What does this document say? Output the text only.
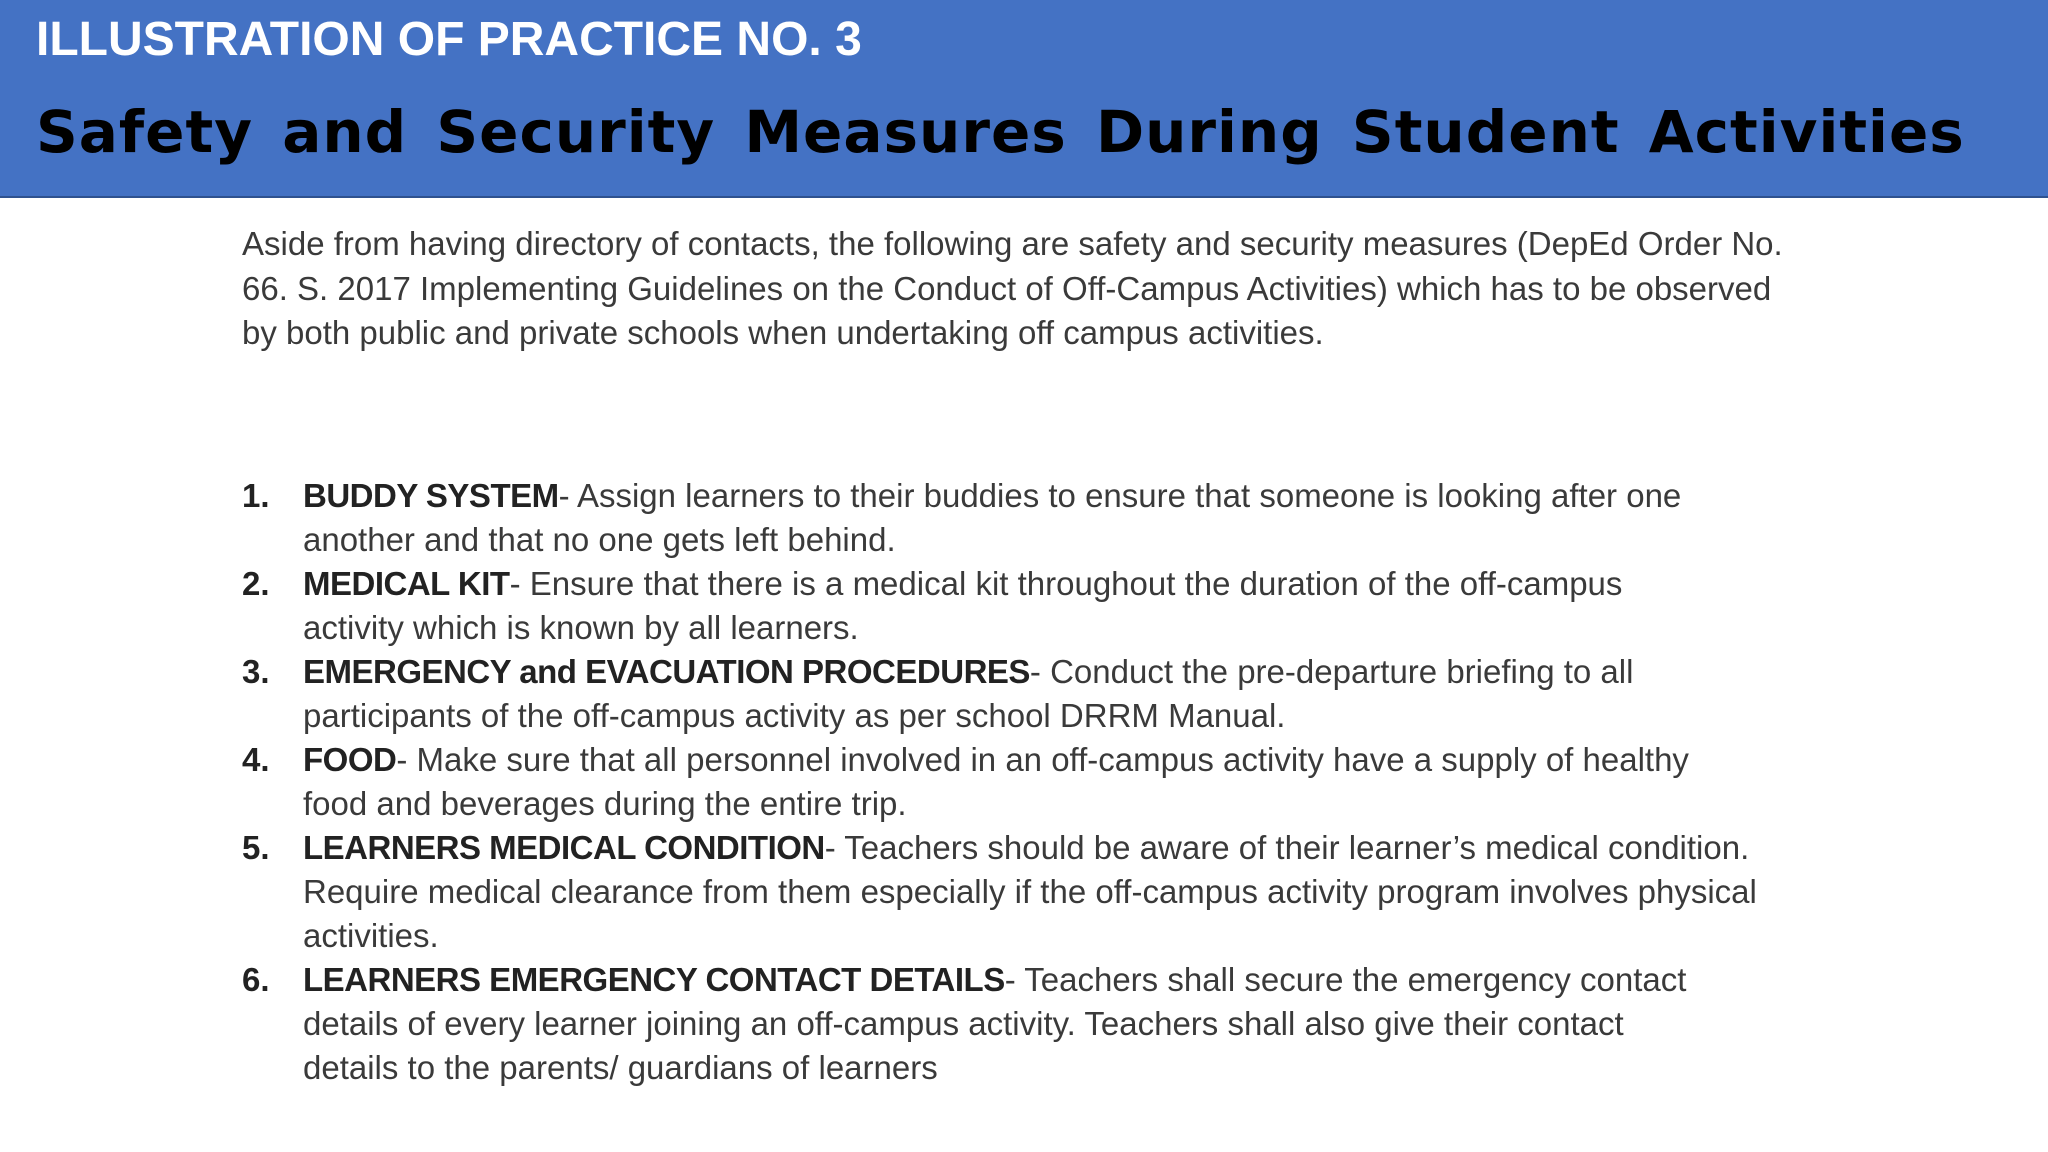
ILLUSTRATION OF PRACTICE NO. 3
Safety and Security Measures During Student Activities

Aside from having directory of contacts, the following are safety and security measures (DepEd Order No. 66. S. 2017 Implementing Guidelines on the Conduct of Off-Campus Activities) which has to be observed by both public and private schools when undertaking off campus activities.

1. BUDDY SYSTEM- Assign learners to their buddies to ensure that someone is looking after one another and that no one gets left behind.
2. MEDICAL KIT- Ensure that there is a medical kit throughout the duration of the off-campus activity which is known by all learners.
3. EMERGENCY and EVACUATION PROCEDURES- Conduct the pre-departure briefing to all participants of the off-campus activity as per school DRRM Manual.
4. FOOD- Make sure that all personnel involved in an off-campus activity have a supply of healthy food and beverages during the entire trip.
5. LEARNERS MEDICAL CONDITION- Teachers should be aware of their learner’s medical condition. Require medical clearance from them especially if the off-campus activity program involves physical activities.
6. LEARNERS EMERGENCY CONTACT DETAILS- Teachers shall secure the emergency contact details of every learner joining an off-campus activity. Teachers shall also give their contact details to the parents/ guardians of learners
